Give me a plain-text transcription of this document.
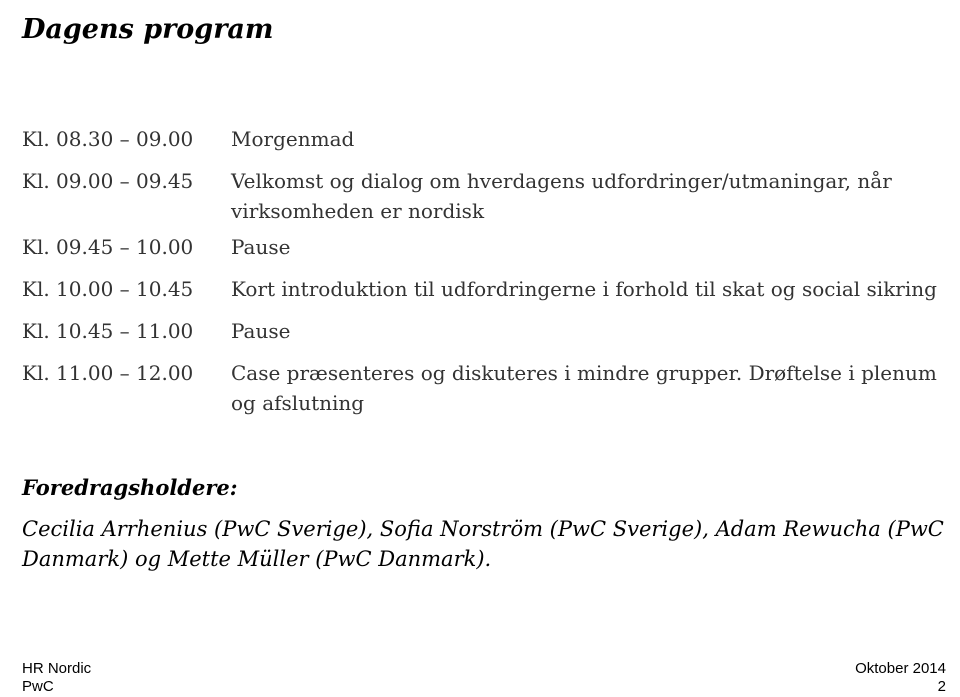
Dagens program
Kl. 08.30 – 09.00	Morgenmad
Kl. 09.00 – 09.45	Velkomst og dialog om hverdagens udfordringer/utmaningar, når virksomheden er nordisk
Kl. 09.45 – 10.00	Pause
Kl. 10.00 – 10.45	Kort introduktion til udfordringerne i forhold til skat og social sikring
Kl. 10.45 – 11.00	Pause
Kl. 11.00 – 12.00	Case præsenteres og diskuteres i mindre grupper. Drøftelse i plenum og afslutning
Foredragsholdere:
Cecilia Arrhenius (PwC Sverige), Sofia Norström (PwC Sverige), Adam Rewucha (PwC Danmark) og Mette Müller (PwC Danmark).
HR Nordic
PwC
Oktober 2014
2
